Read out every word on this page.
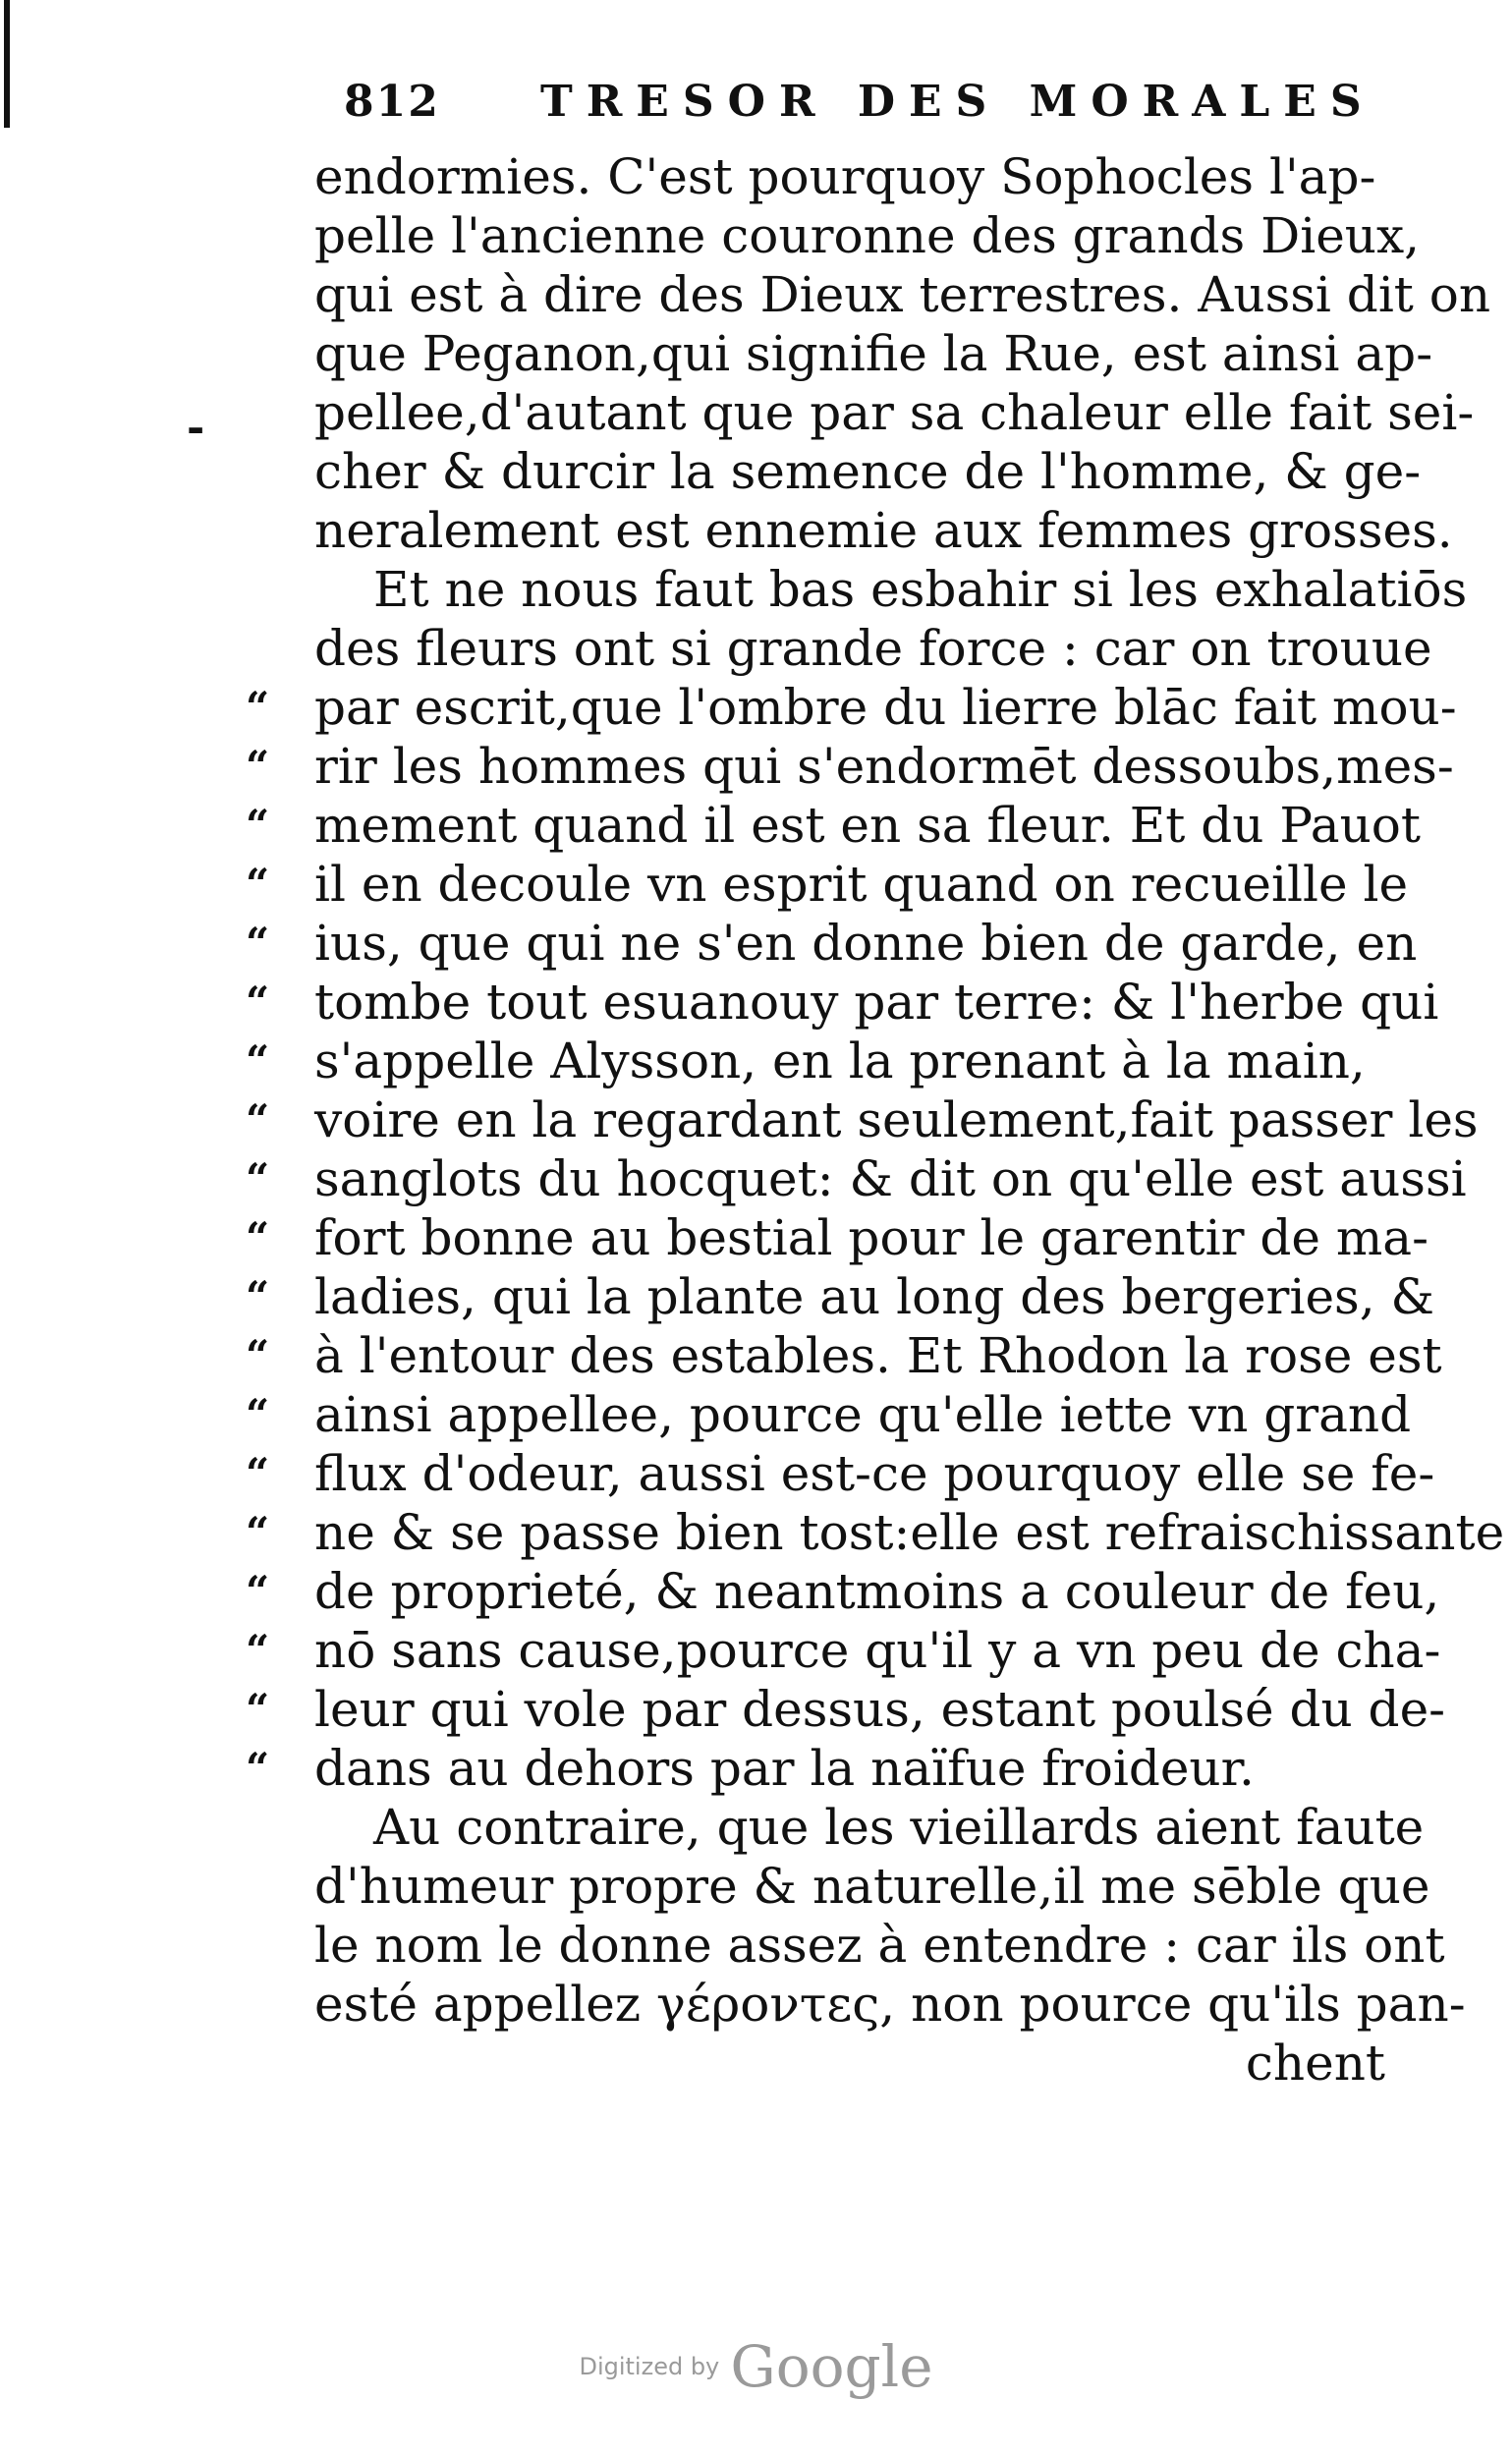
812 TRESOR DES MORALES
-
endormies. C'est pourquoy Sophocles l'ap-
pelle l'ancienne couronne des grands Dieux,
qui est à dire des Dieux terrestres. Aussi dit on
que Peganon,qui signifie la Rue, est ainsi ap-
pellee,d'autant que par sa chaleur elle fait sei-
cher & durcir la semence de l'homme, & ge-
neralement est ennemie aux femmes grosses.
Et ne nous faut bas esbahir si les exhalatiōs
des fleurs ont si grande force : car on trouue
“ par escrit,que l'ombre du lierre blāc fait mou-
“ rir les hommes qui s'endormēt dessoubs,mes-
“ mement quand il est en sa fleur. Et du Pauot
“ il en decoule vn esprit quand on recueille le
“ ius, que qui ne s'en donne bien de garde, en
“ tombe tout esuanouy par terre: & l'herbe qui
“ s'appelle Alysson, en la prenant à la main,
“ voire en la regardant seulement,fait passer les
“ sanglots du hocquet: & dit on qu'elle est aussi
“ fort bonne au bestial pour le garentir de ma-
“ ladies, qui la plante au long des bergeries, &
“ à l'entour des estables. Et Rhodon la rose est
“ ainsi appellee, pource qu'elle iette vn grand
“ flux d'odeur, aussi est-ce pourquoy elle se fe-
“ ne & se passe bien tost:elle est refraischissante
“ de proprieté, & neantmoins a couleur de feu,
“ nō sans cause,pource qu'il y a vn peu de cha-
“ leur qui vole par dessus, estant poulsé du de-
“ dans au dehors par la naïfue froideur.
Au contraire, que les vieillards aient faute
d'humeur propre & naturelle,il me sēble que
le nom le donne assez à entendre : car ils ont
esté appellez γέροντες, non pource qu'ils pan-
chent
Digitized by Google
